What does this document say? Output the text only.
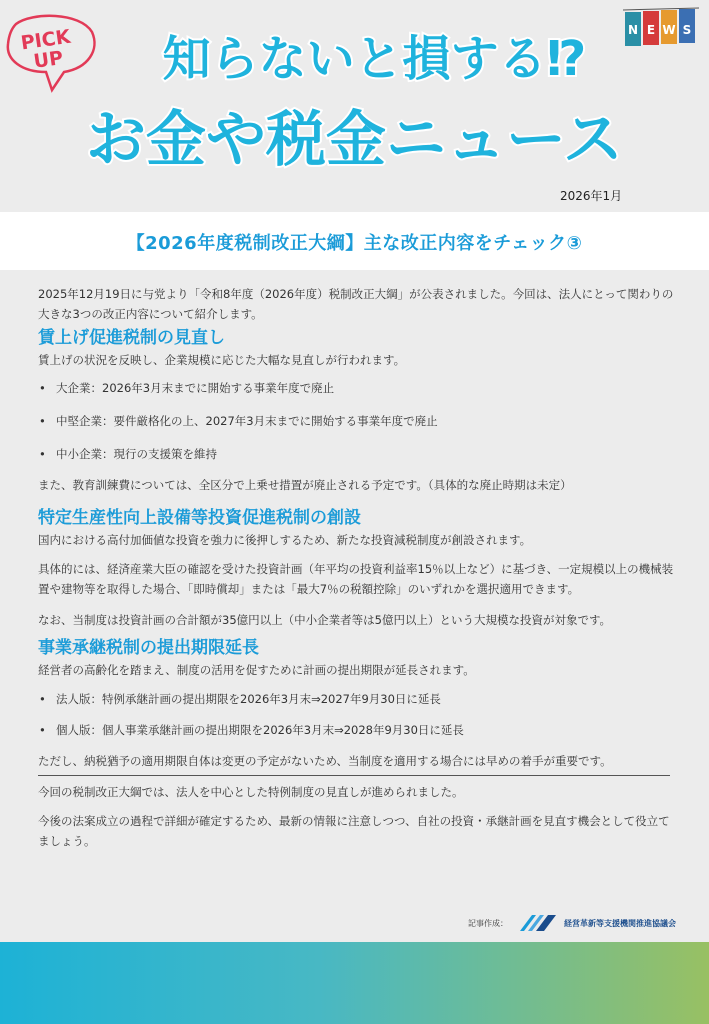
PICK
UP
N E W S
知らないと損する⁉
お金や税金ニュース
2026年1月
【2026年度税制改正大綱】主な改正内容をチェック③

2025年12月19日に与党より「令和8年度（2026年度）税制改正大綱」が公表されました。今回は、法人にとって関わりの大きな3つの改正内容について紹介します。

賃上げ促進税制の見直し

賃上げの状況を反映し、企業規模に応じた大幅な見直しが行われます。

• 大企業：2026年3月末までに開始する事業年度で廃止

• 中堅企業：要件厳格化の上、2027年3月末までに開始する事業年度で廃止

• 中小企業：現行の支援策を維持

また、教育訓練費については、全区分で上乗せ措置が廃止される予定です。（具体的な廃止時期は未定）

特定生産性向上設備等投資促進税制の創設

国内における高付加価値な投資を強力に後押しするため、新たな投資減税制度が創設されます。

具体的には、経済産業大臣の確認を受けた投資計画（年平均の投資利益率15％以上など）に基づき、一定規模以上の機械装置や建物等を取得した場合、「即時償却」または「最大7％の税額控除」のいずれかを選択適用できます。

なお、当制度は投資計画の合計額が35億円以上（中小企業者等は5億円以上）という大規模な投資が対象です。

事業承継税制の提出期限延長

経営者の高齢化を踏まえ、制度の活用を促すために計画の提出期限が延長されます。

• 法人版：特例承継計画の提出期限を2026年3月末⇒2027年9月30日に延長

• 個人版：個人事業承継計画の提出期限を2026年3月末⇒2028年9月30日に延長

ただし、納税猶予の適用期限自体は変更の予定がないため、当制度を適用する場合には早めの着手が重要です。

今回の税制改正大綱では、法人を中心とした特例制度の見直しが進められました。

今後の法案成立の過程で詳細が確定するため、最新の情報に注意しつつ、自社の投資・承継計画を見直す機会として役立てましょう。

記事作成：	経営革新等支援機関推進協議会
